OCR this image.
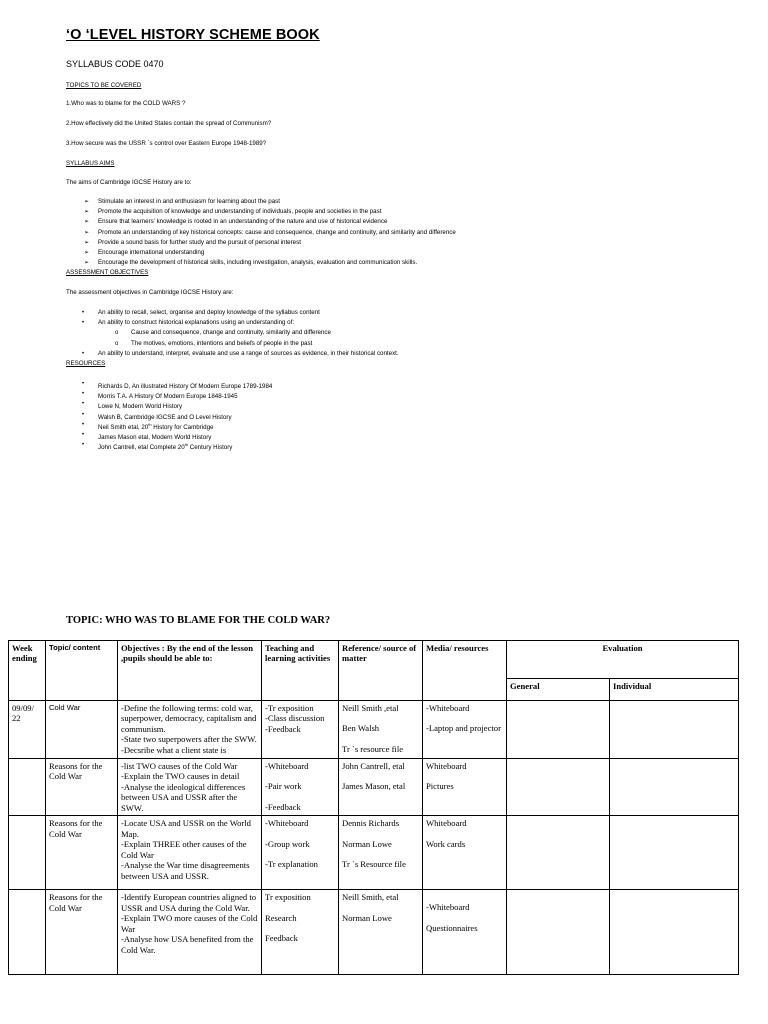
‘O ‘LEVEL HISTORY SCHEME BOOK
SYLLABUS CODE 0470
TOPICS TO BE COVERED
1.Who was to blame for the COLD WARS ?
2.How effectively did the United States contain the spread of Communism?
3.How secure was the USSR `s control over Eastern Europe 1948-1989?
SYLLABUS AIMS
The aims of Cambridge IGCSE History are to:
➢ Stimulate an interest in and enthusiasm for learning about the past
➢ Promote the acquisition of knowledge and understanding of individuals, people and societies in the past
➢ Ensure that learners’ knowledge is rooted in an understanding of the nature and use of historical evidence
➢ Promote an understanding of key historical concepts: cause and consequence, change and continuity, and similarity and difference
➢ Provide a sound basis for further study and the pursuit of personal interest
➢ Encourage international understanding
➢ Encourage the development of historical skills, including investigation, analysis, evaluation and communication skills.
ASSESSMENT OBJECTIVES
The assessment objectives in Cambridge IGCSE History are:
• An ability to recall, select, organise and deploy knowledge of the syllabus content
• An ability to construct historical explanations using an understanding of:
o Cause and consequence, change and continuity, similarity and difference
o The motives, emotions, intentions and beliefs of people in the past
• An ability to understand, interpret, evaluate and use a range of sources as evidence, in their historical context.
RESOURCES
• Richards D, An illustrated History Of Modern Europe 1789-1984
• Morris T.A. A History Of Modern Europe 1848-1945
• Lowe N, Modern World History
• Walsh B, Cambridge IGCSE and O Level History
• Neil Smith etal, 20th History for Cambridge
• James Mason etal, Modern World History
• John Cantrell, etal Complete 20th Century History
TOPIC: WHO WAS TO BLAME FOR THE COLD WAR?
Week ending	Topic/ content	Objectives : By the end of the lesson ,pupils should be able to:	Teaching and learning activities	Reference/ source of matter	Media/ resources	Evaluation	
						General	Individual
09/09/ 22	Cold War	-Define the following terms: cold war, superpower, democracy, capitalism and communism.
-State two superpowers after the SWW.
-Decsribe what a client state is	-Tr exposition
-Class discussion
-Feedback	Neill Smith ,etal
Ben Walsh
Tr `s resource file	-Whiteboard
-Laptop and projector		

	Reasons for the Cold War	-list TWO causes of the Cold War
-Explain the TWO causes in detail
-Analyse the ideological differences between USA and USSR after the SWW.	-Whiteboard
-Pair work
-Feedback	John Cantrell, etal
James Mason, etal	Whiteboard
Pictures		

	Reasons for the Cold War	-Locate USA and USSR on the World Map.
-Explain THREE other causes of the Cold War
-Analyse the War time disagreements between USA and USSR.	-Whiteboard
-Group work
-Tr explanation	Dennis Richards
Norman Lowe
Tr `s Resource file	Whiteboard
Work cards		

	Reasons for the Cold War	-Identify European countries aligned to USSR and USA during the Cold War.
-Explain TWO more causes of the Cold War
-Analyse how USA benefited from the Cold War.	Tr exposition
Research
Feedback	Neill Smith, etal
Norman Lowe	-Whiteboard
Questionnaires		
